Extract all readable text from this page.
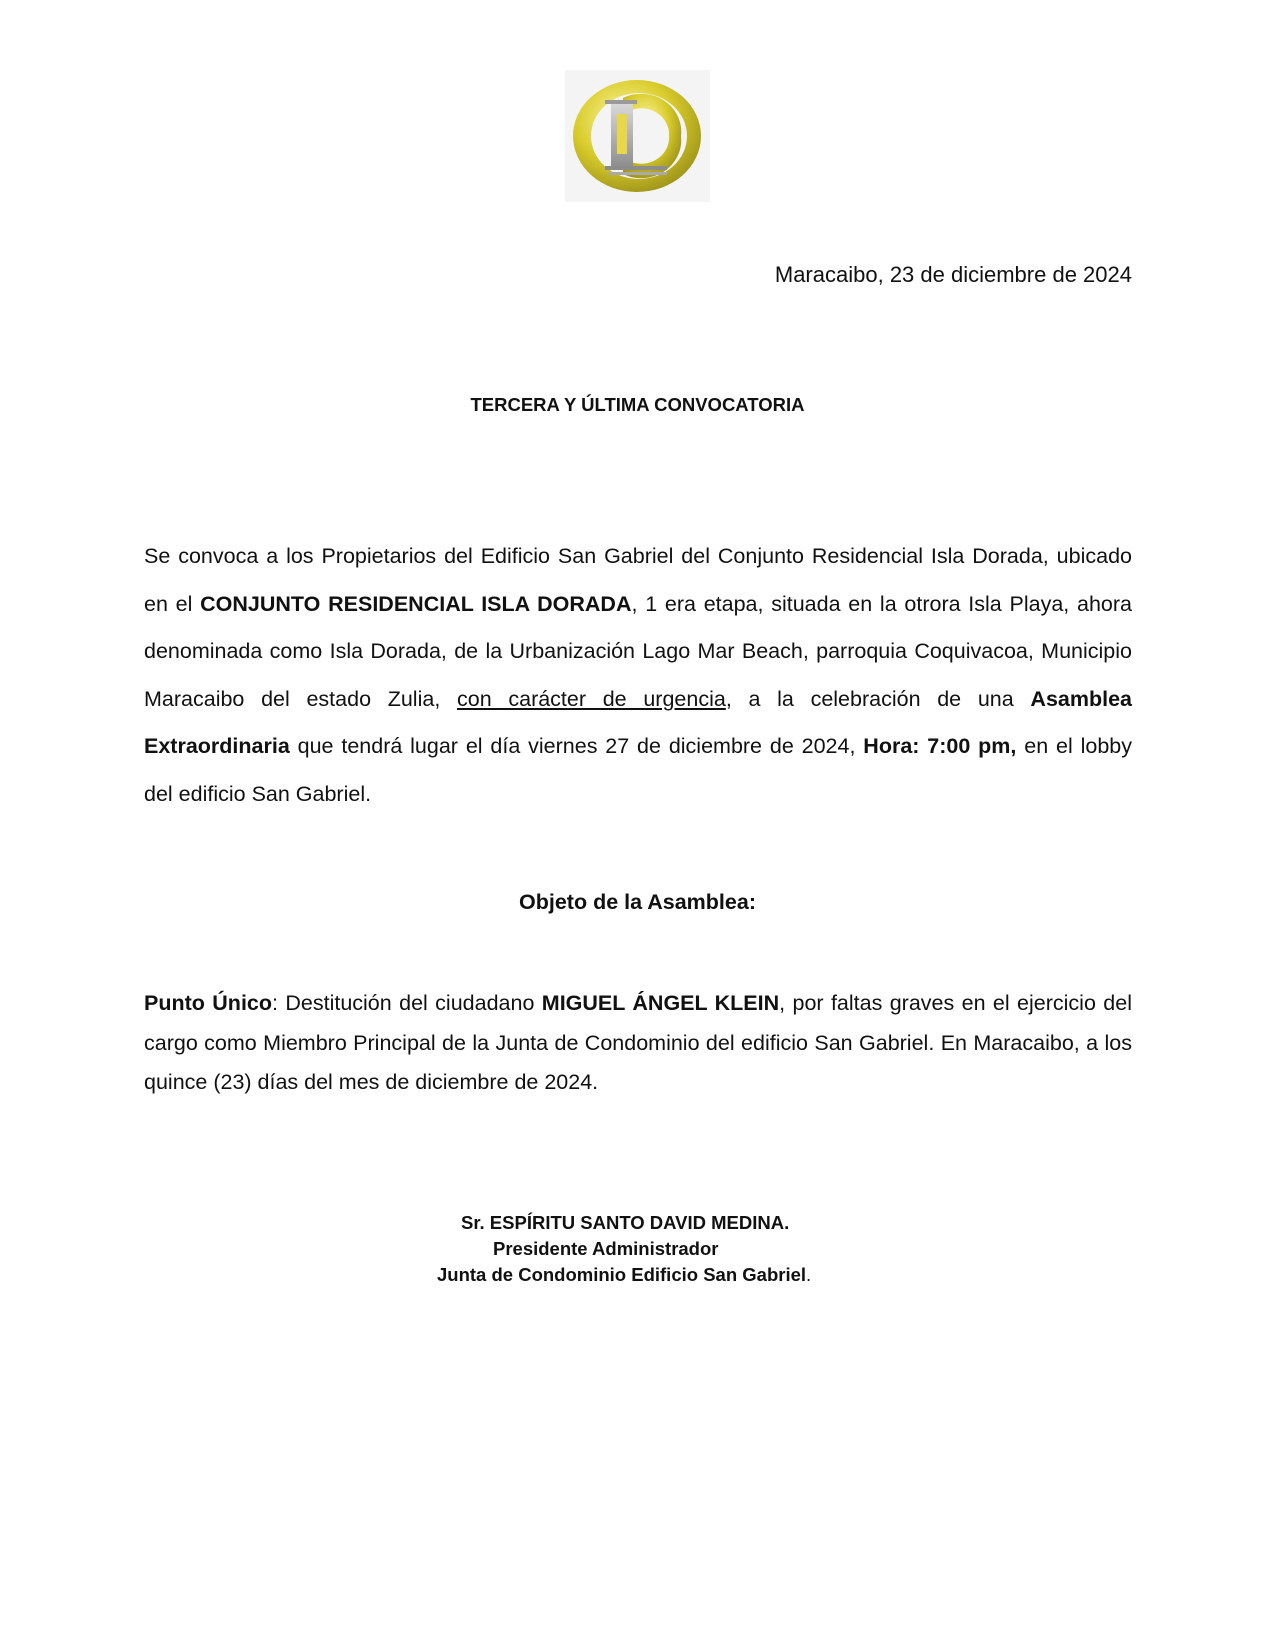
Maracaibo, 23 de diciembre de 2024
TERCERA Y ÚLTIMA CONVOCATORIA

Se convoca a los Propietarios del Edificio San Gabriel del Conjunto Residencial Isla Dorada, ubicado en el CONJUNTO RESIDENCIAL ISLA DORADA, 1 era etapa, situada en la otrora Isla Playa, ahora denominada como Isla Dorada, de la Urbanización Lago Mar Beach, parroquia Coquivacoa, Municipio Maracaibo del estado Zulia, con carácter de urgencia, a la celebración de una Asamblea Extraordinaria que tendrá lugar el día viernes 27 de diciembre de 2024, Hora: 7:00 pm, en el lobby del edificio San Gabriel.

Objeto de la Asamblea:

Punto Único: Destitución del ciudadano MIGUEL ÁNGEL KLEIN, por faltas graves en el ejercicio del cargo como Miembro Principal de la Junta de Condominio del edificio San Gabriel. En Maracaibo, a los quince (23) días del mes de diciembre de 2024.

Sr. ESPÍRITU SANTO DAVID MEDINA.
Presidente Administrador
Junta de Condominio Edificio San Gabriel.
